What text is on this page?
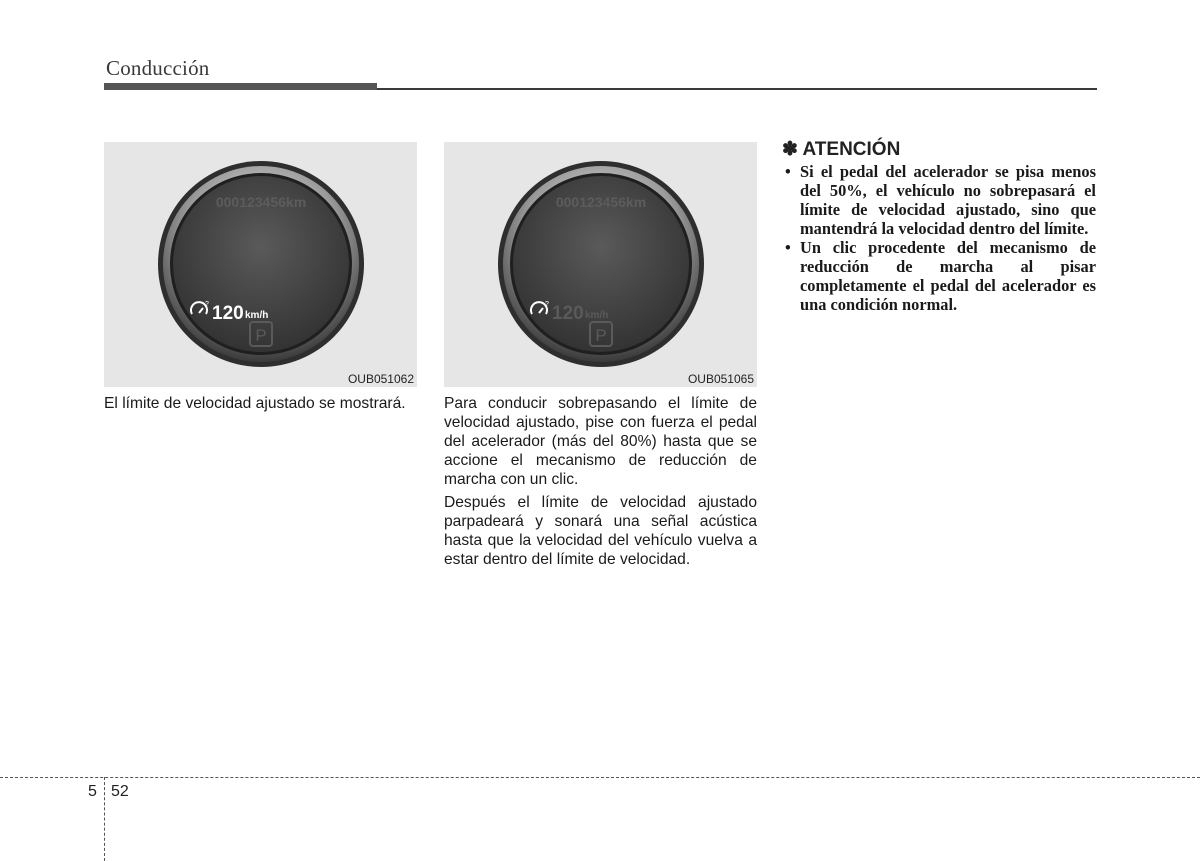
Conducción
000123456km
? 120 km/h
P
OUB051062
000123456km
? 120 km/h
P
OUB051065

El límite de velocidad ajustado se mostrará.	Para conducir sobrepasando el límite de velocidad ajustado, pise con fuerza el pedal del acelerador (más del 80%) hasta que se accione el mecanismo de reducción de marcha con un clic.

Después el límite de velocidad ajustado parpadeará y sonará una señal acústica hasta que la velocidad del vehículo vuelva a estar dentro del límite de velocidad.

✽ ATENCIÓN
• Si el pedal del acelerador se pisa menos del 50%, el vehículo no sobrepasará el límite de velocidad ajustado, sino que mantendrá la velocidad dentro del límite.
• Un clic procedente del mecanismo de reducción de marcha al pisar completamente el pedal del acelerador es una condición normal.
5 52
